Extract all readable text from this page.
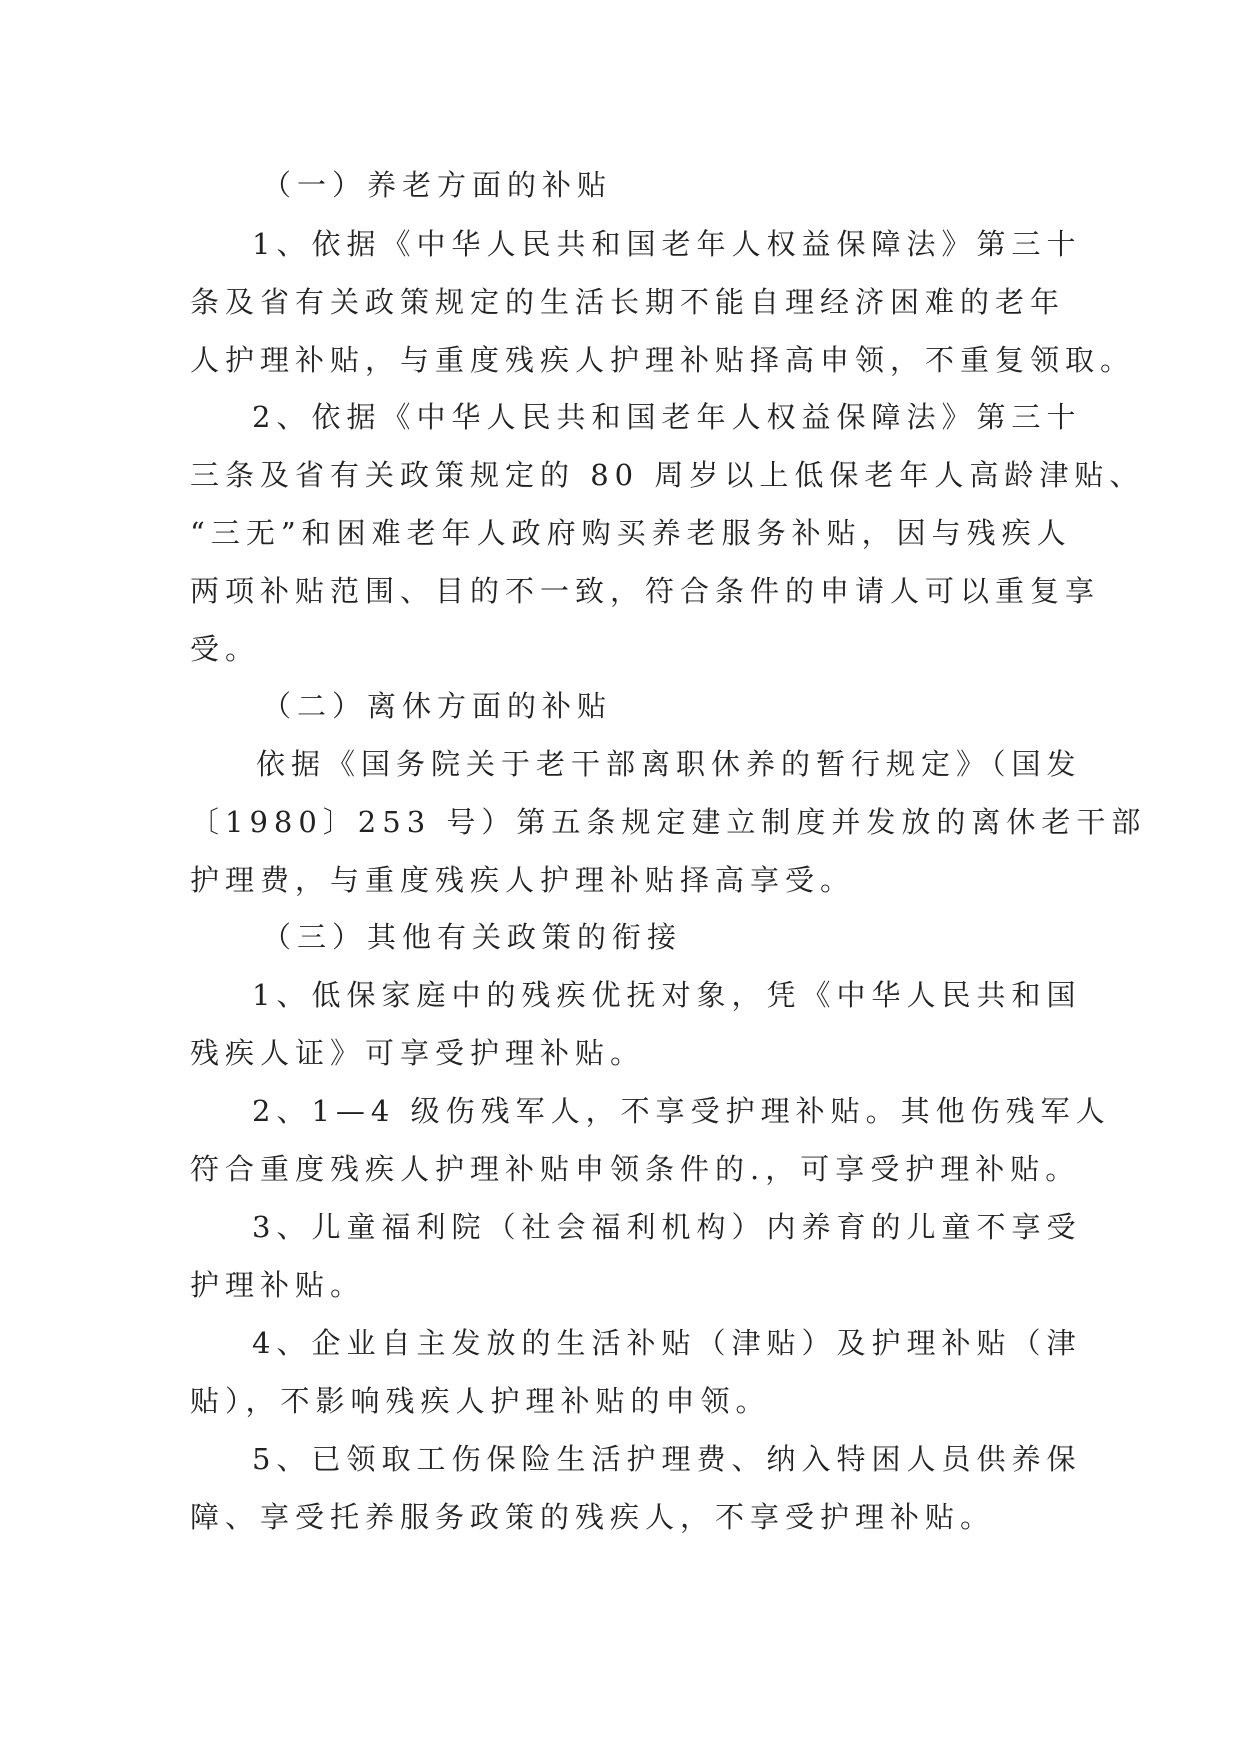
（一）养老方面的补贴
1、依据《中华人民共和国老年人权益保障法》第三十
条及省有关政策规定的生活长期不能自理经济困难的老年
人护理补贴，与重度残疾人护理补贴择高申领，不重复领取。
2、依据《中华人民共和国老年人权益保障法》第三十
三条及省有关政策规定的 80 周岁以上低保老年人高龄津贴、
“三无”和困难老年人政府购买养老服务补贴，因与残疾人
两项补贴范围、目的不一致，符合条件的申请人可以重复享
受。
（二）离休方面的补贴
依据《国务院关于老干部离职休养的暂行规定》（国发
〔1980〕253 号）第五条规定建立制度并发放的离休老干部
护理费，与重度残疾人护理补贴择高享受。
（三）其他有关政策的衔接
1、低保家庭中的残疾优抚对象，凭《中华人民共和国
残疾人证》可享受护理补贴。
2、1—4 级伤残军人，不享受护理补贴。其他伤残军人
符合重度残疾人护理补贴申领条件的.，可享受护理补贴。
3、儿童福利院（社会福利机构）内养育的儿童不享受
护理补贴。
4、企业自主发放的生活补贴（津贴）及护理补贴（津
贴），不影响残疾人护理补贴的申领。
5、已领取工伤保险生活护理费、纳入特困人员供养保
障、享受托养服务政策的残疾人，不享受护理补贴。
